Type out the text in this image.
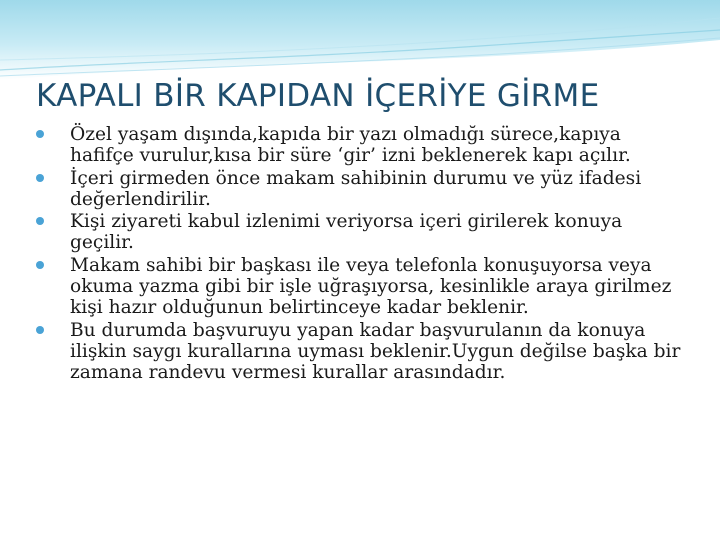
KAPALI BİR KAPIDAN İÇERİYE GİRME
Özel yaşam dışında,kapıda bir yazı olmadığı sürece,kapıya hafifçe vurulur,kısa bir süre ‘gir’ izni beklenerek kapı açılır.
İçeri girmeden önce makam sahibinin durumu ve yüz ifadesi değerlendirilir.
Kişi ziyareti kabul izlenimi veriyorsa içeri girilerek konuya geçilir.
Makam sahibi bir başkası ile veya telefonla konuşuyorsa veya okuma yazma gibi bir işle uğraşıyorsa, kesinlikle araya girilmez kişi hazır olduğunun belirtinceye kadar beklenir.
Bu durumda başvuruyu yapan kadar başvurulanın da konuya ilişkin saygı kurallarına uyması beklenir.Uygun değilse başka bir zamana randevu vermesi kurallar arasındadır.
